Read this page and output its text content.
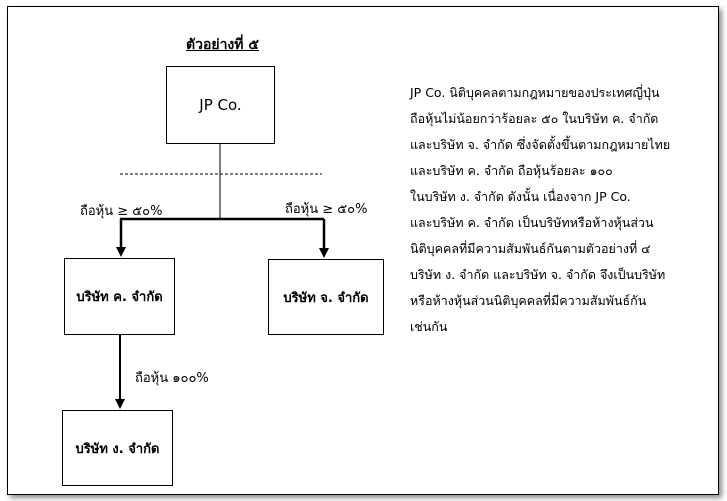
ตัวอย่างที่ ๕
JP Co.
บริษัท ค. จำกัด	บริษัท จ. จำกัด
บริษัท ง. จำกัด
ถือหุ้น ≥ ๕๐%	ถือหุ้น ≥ ๕๐%
ถือหุ้น ๑๐๐%
JP Co. นิติบุคคลตามกฎหมายของประเทศญี่ปุ่น
ถือหุ้นไม่น้อยกว่าร้อยละ ๕๐ ในบริษัท ค. จำกัด
และบริษัท จ. จำกัด ซึ่งจัดตั้งขึ้นตามกฎหมายไทย
และบริษัท ค. จำกัด ถือหุ้นร้อยละ ๑๐๐
ในบริษัท ง. จำกัด ดังนั้น เนื่องจาก JP Co.
และบริษัท ค. จำกัด เป็นบริษัทหรือห้างหุ้นส่วน
นิติบุคคลที่มีความสัมพันธ์กันตามตัวอย่างที่ ๔
บริษัท ง. จำกัด และบริษัท จ. จำกัด จึงเป็นบริษัท
หรือห้างหุ้นส่วนนิติบุคคลที่มีความสัมพันธ์กัน
เช่นกัน
